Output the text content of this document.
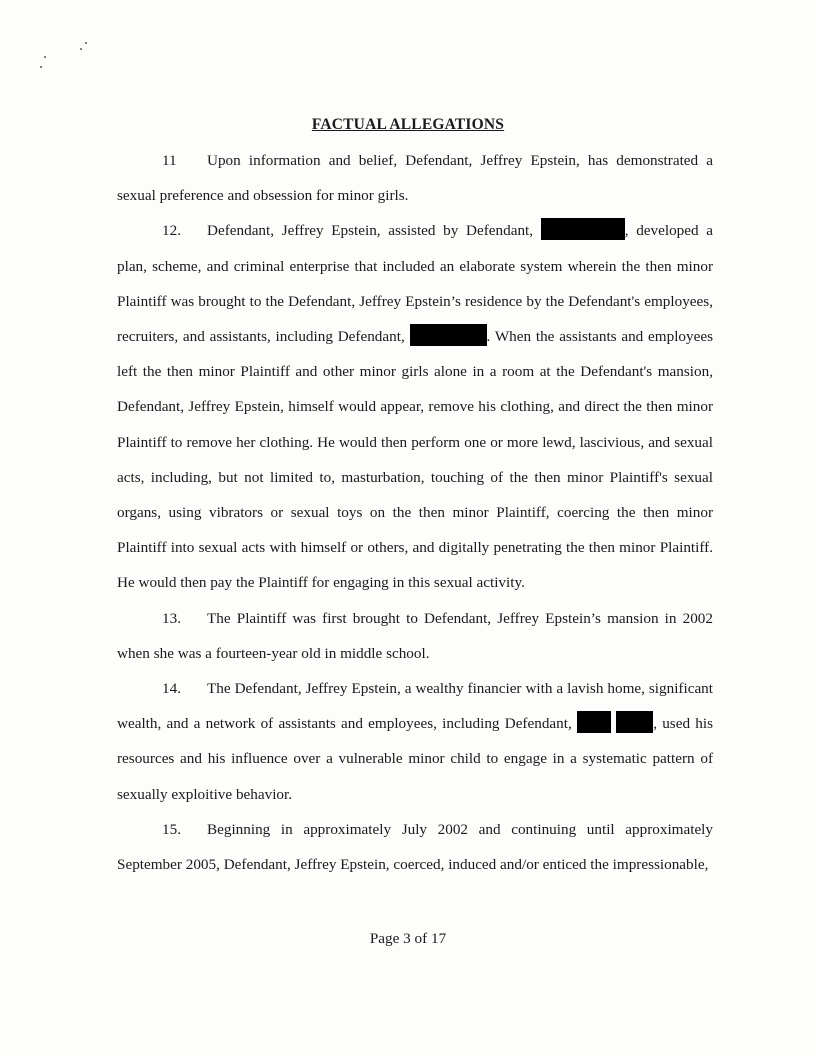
FACTUAL ALLEGATIONS

11 Upon information and belief, Defendant, Jeffrey Epstein, has demonstrated a sexual preference and obsession for minor girls.

12. Defendant, Jeffrey Epstein, assisted by Defendant,	, developed a plan, scheme, and criminal enterprise that included an elaborate system wherein the then minor Plaintiff was brought to the Defendant, Jeffrey Epstein’s residence by the Defendant's employees, recruiters, and assistants, including Defendant,	. When the assistants and employees left the then minor Plaintiff and other minor girls alone in a room at the Defendant's mansion, Defendant, Jeffrey Epstein, himself would appear, remove his clothing, and direct the then minor Plaintiff to remove her clothing. He would then perform one or more lewd, lascivious, and sexual acts, including, but not limited to, masturbation, touching of the then minor Plaintiff's sexual organs, using vibrators or sexual toys on the then minor Plaintiff, coercing the then minor Plaintiff into sexual acts with himself or others, and digitally penetrating the then minor Plaintiff. He would then pay the Plaintiff for engaging in this sexual activity.

13. The Plaintiff was first brought to Defendant, Jeffrey Epstein’s mansion in 2002 when she was a fourteen-year old in middle school.

14. The Defendant, Jeffrey Epstein, a wealthy financier with a lavish home, significant wealth, and a network of assistants and employees, including Defendant,	, used his resources and his influence over a vulnerable minor child to engage in a systematic pattern of sexually exploitive behavior.

15. Beginning in approximately July 2002 and continuing until approximately September 2005, Defendant, Jeffrey Epstein, coerced, induced and/or enticed the impressionable,

Page 3 of 17
